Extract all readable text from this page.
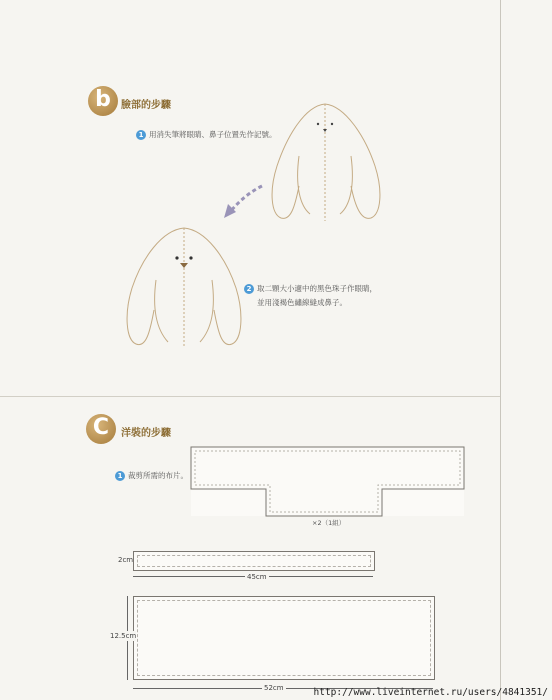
b	臉部的步驟
1 用消失筆將眼睛、鼻子位置先作記號。
2 取二顆大小適中的黑色珠子作眼睛，
並用淺褐色繡線縫成鼻子。
C	洋裝的步驟
1 裁剪所需的布片。
×2（1組）
2cm
45cm
12.5cm
52cm	http://www.liveinternet.ru/users/4841351/
